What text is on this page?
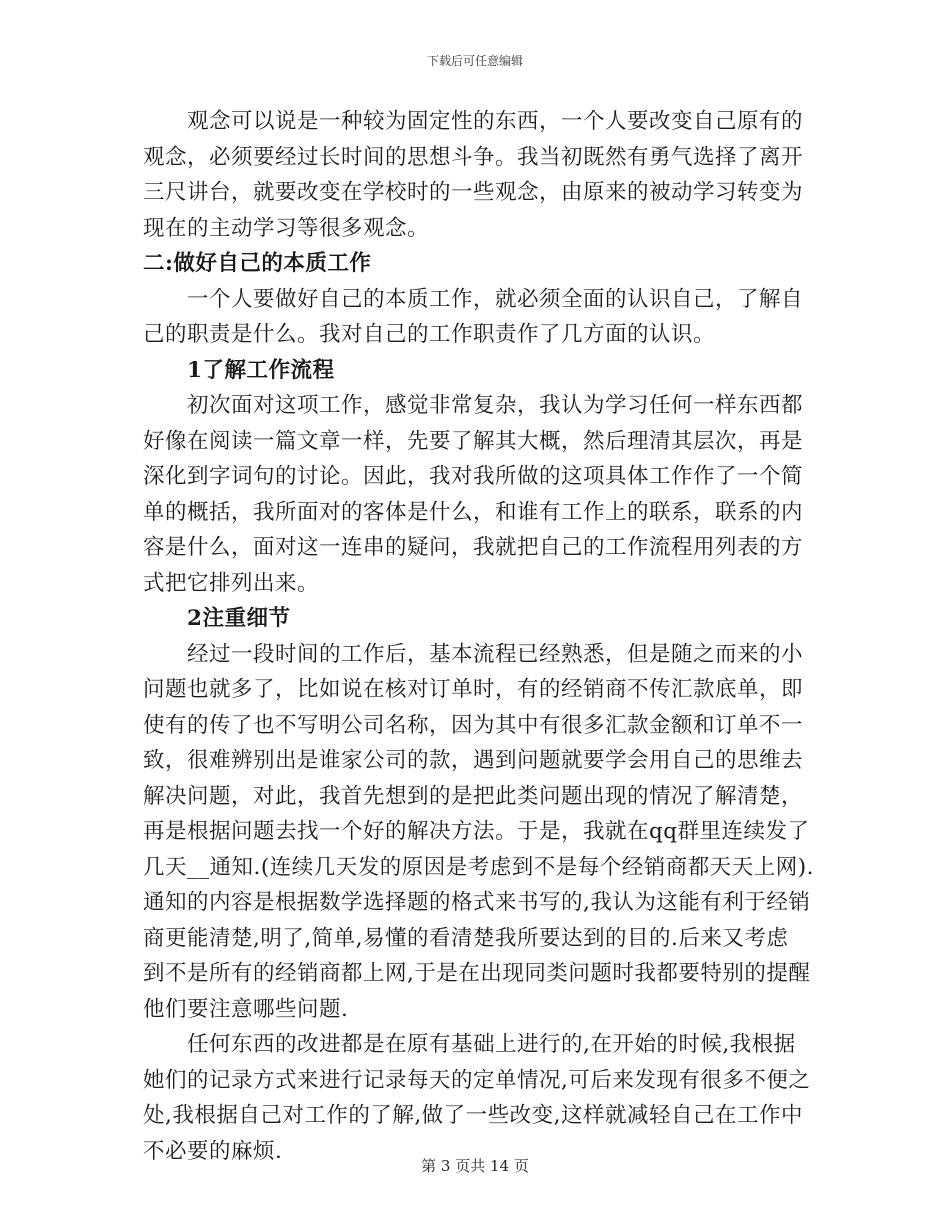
下载后可任意编辑
观念可以说是一种较为固定性的东西，一个人要改变自己原有的
观念，必须要经过长时间的思想斗争。我当初既然有勇气选择了离开
三尺讲台，就要改变在学校时的一些观念，由原来的被动学习转变为
现在的主动学习等很多观念。
二:做好自己的本质工作
一个人要做好自己的本质工作，就必须全面的认识自己，了解自
己的职责是什么。我对自己的工作职责作了几方面的认识。
1了解工作流程
初次面对这项工作，感觉非常复杂，我认为学习任何一样东西都
好像在阅读一篇文章一样，先要了解其大概，然后理清其层次，再是
深化到字词句的讨论。因此，我对我所做的这项具体工作作了一个简
单的概括，我所面对的客体是什么，和谁有工作上的联系，联系的内
容是什么，面对这一连串的疑问，我就把自己的工作流程用列表的方
式把它排列出来。
2注重细节
经过一段时间的工作后，基本流程已经熟悉，但是随之而来的小
问题也就多了，比如说在核对订单时，有的经销商不传汇款底单，即
使有的传了也不写明公司名称，因为其中有很多汇款金额和订单不一
致，很难辨别出是谁家公司的款，遇到问题就要学会用自己的思维去
解决问题，对此，我首先想到的是把此类问题出现的情况了解清楚，
再是根据问题去找一个好的解决方法。于是，我就在qq群里连续发了
几天__通知.(连续几天发的原因是考虑到不是每个经销商都天天上网).
通知的内容是根据数学选择题的格式来书写的,我认为这能有利于经销
商更能清楚,明了,简单,易懂的看清楚我所要达到的目的.后来又考虑
到不是所有的经销商都上网,于是在出现同类问题时我都要特别的提醒
他们要注意哪些问题.
任何东西的改进都是在原有基础上进行的,在开始的时候,我根据
她们的记录方式来进行记录每天的定单情况,可后来发现有很多不便之
处,我根据自己对工作的了解,做了一些改变,这样就减轻自己在工作中
不必要的麻烦.
第 3 页共 14 页
